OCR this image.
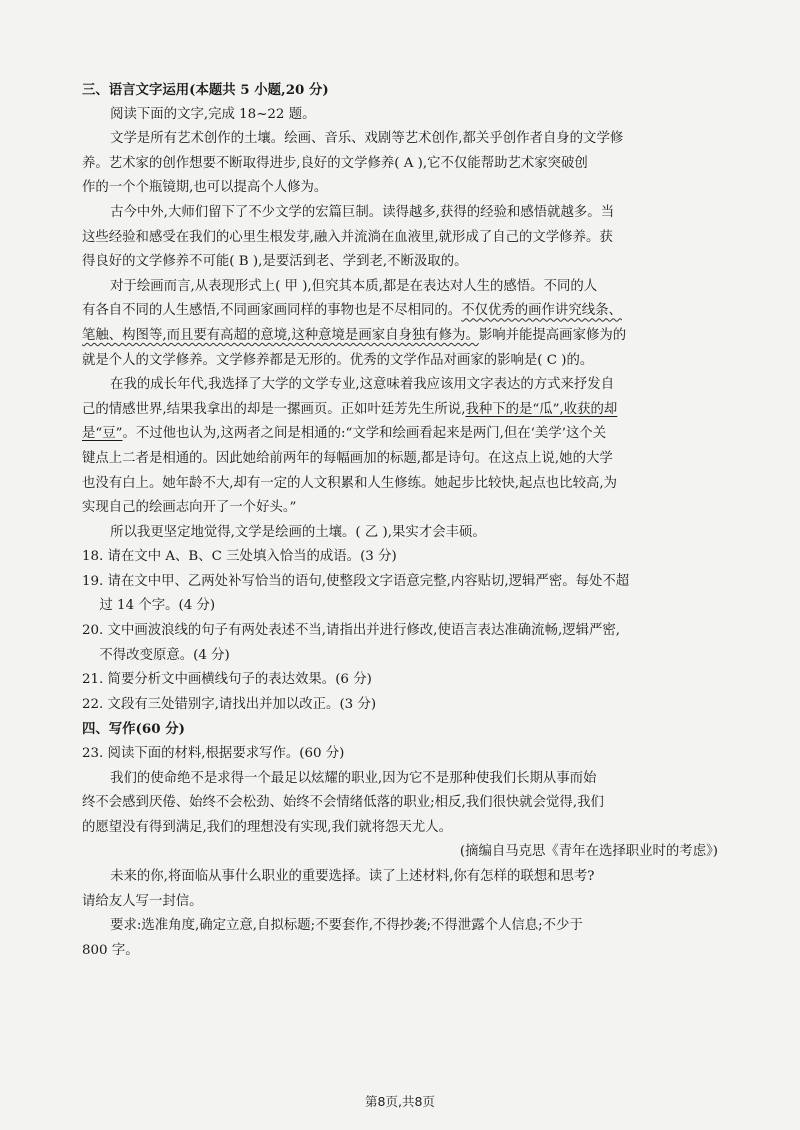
三、语言文字运用(本题共 5 小题,20 分)
阅读下面的文字,完成 18~22 题。
文学是所有艺术创作的土壤。绘画、音乐、戏剧等艺术创作,都关乎创作者自身的文学修
养。艺术家的创作想要不断取得进步,良好的文学修养( A ),它不仅能帮助艺术家突破创
作的一个个瓶镜期,也可以提高个人修为。
古今中外,大师们留下了不少文学的宏篇巨制。读得越多,获得的经验和感悟就越多。当
这些经验和感受在我们的心里生根发芽,融入并流淌在血液里,就形成了自己的文学修养。获
得良好的文学修养不可能( B ),是要活到老、学到老,不断汲取的。
对于绘画而言,从表现形式上( 甲 ),但究其本质,都是在表达对人生的感悟。不同的人
有各自不同的人生感悟,不同画家画同样的事物也是不尽相同的。不仅优秀的画作讲究线条、
笔触、构图等,而且要有高超的意境,这种意境是画家自身独有修为。影响并能提高画家修为的
就是个人的文学修养。文学修养都是无形的。优秀的文学作品对画家的影响是( C )的。
在我的成长年代,我选择了大学的文学专业,这意味着我应该用文字表达的方式来抒发自
己的情感世界,结果我拿出的却是一摞画页。正如叶廷芳先生所说,我种下的是“瓜”,收获的却
是“豆”。不过他也认为,这两者之间是相通的:“文学和绘画看起来是两门,但在‘美学’这个关
键点上二者是相通的。因此她给前两年的每幅画加的标题,都是诗句。在这点上说,她的大学
也没有白上。她年龄不大,却有一定的人文积累和人生修练。她起步比较快,起点也比较高,为
实现自己的绘画志向开了一个好头。”
所以我更坚定地觉得,文学是绘画的土壤。( 乙 ),果实才会丰硕。
18. 请在文中 A、B、C 三处填入恰当的成语。(3 分)
19. 请在文中甲、乙两处补写恰当的语句,使整段文字语意完整,内容贴切,逻辑严密。每处不超
过 14 个字。(4 分)
20. 文中画波浪线的句子有两处表述不当,请指出并进行修改,使语言表达准确流畅,逻辑严密,
不得改变原意。(4 分)
21. 简要分析文中画横线句子的表达效果。(6 分)
22. 文段有三处错别字,请找出并加以改正。(3 分)
四、写作(60 分)
23. 阅读下面的材料,根据要求写作。(60 分)
我们的使命绝不是求得一个最足以炫耀的职业,因为它不是那种使我们长期从事而始
终不会感到厌倦、始终不会松劲、始终不会情绪低落的职业;相反,我们很快就会觉得,我们
的愿望没有得到满足,我们的理想没有实现,我们就将怨天尤人。
(摘编自马克思《青年在选择职业时的考虑》)
未来的你,将面临从事什么职业的重要选择。读了上述材料,你有怎样的联想和思考?
请给友人写一封信。
要求:选准角度,确定立意,自拟标题;不要套作,不得抄袭;不得泄露个人信息;不少于
800 字。
第8页,共8页
